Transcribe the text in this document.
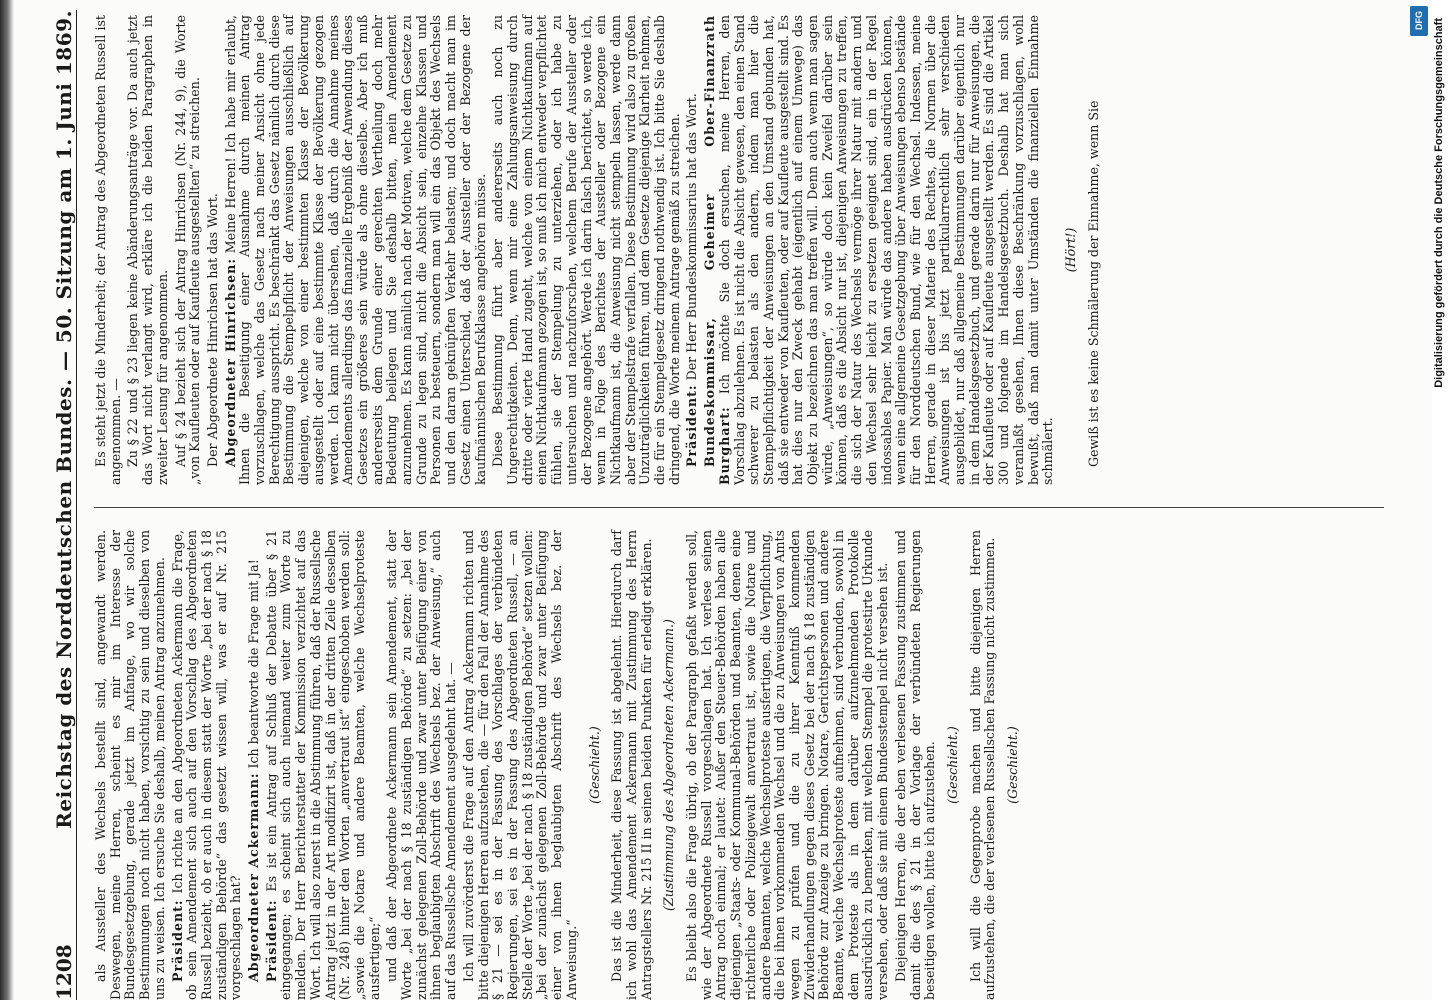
1208
Reichstag des Norddeutschen Bundes. — 50. Sitzung am 1. Juni 1869. als Aussteller des Wechsels bestellt sind, angewandt werden. Deswegen, meine Herren, scheint es mir im Interesse der Bundesgesetzgebung, gerade jetzt im Anfange, wo wir solche Bestimmungen noch nicht haben, vorsichtig zu sein und dieselben von uns zu weisen. Ich ersuche Sie deshalb, meinen Antrag anzunehmen. Präsident: Ich richte an den Abgeordneten Ackermann die Frage, ob sein Amendement sich auch auf den Vorschlag des Abgeordneten Russell bezieht, ob er auch in diesem statt der Worte „bei der nach § 18 zuständigen Behörde“ das gesetzt wissen will, was er auf Nr. 215 vorgeschlagen hat? Abgeordneter Ackermann: Ich beantworte die Frage mit Ja!

Präsident: Es ist ein Antrag auf Schluß der Debatte über § 21 eingegangen; es scheint sich auch niemand weiter zum Worte zu melden. Der Herr Berichterstatter der Kommission verzichtet auf das Wort. Ich will also zuerst in die Abstimmung führen, daß der Russellsche Antrag jetzt in der Art modifizirt ist, daß in der dritten Zeile desselben (Nr. 248) hinter den Worten „anvertraut ist“ eingeschoben werden soll: „sowie die Notare und andere Beamten, welche Wechselproteste ausfertigen;“ und daß der Abgeordnete Ackermann sein Amendement, statt der Worte „bei der nach § 18 zuständigen Behörde“ zu setzen: „bei der zunächst gelegenen Zoll-Behörde und zwar unter Beifügung einer von ihnen beglaubigten Abschrift des Wechsels bez. der Anweisung,“ auch auf das Russellsche Amendement ausgedehnt hat. — Ich will zuvörderst die Frage auf den Antrag Ackermann richten und bitte diejenigen Herren aufzustehen, die — für den Fall der Annahme des § 21 — sei es in der Fassung des Vorschlages der verbündeten Regierungen, sei es in der Fassung des Abgeordneten Russell, — an Stelle der Worte „bei der nach § 18 zuständigen Behörde“ setzen wollen: „bei der zunächst gelegenen Zoll-Behörde und zwar unter Beifügung einer von ihnen beglaubigten Abschrift des Wechsels bez. der Anweisung.“

(Geschieht.) Das ist die Minderheit, diese Fassung ist abgelehnt. Hierdurch darf ich wohl das Amendement Ackermann mit Zustimmung des Herrn Antragstellers Nr. 215 II in seinen beiden Punkten für erledigt erklären. (Zustimmung des Abgeordneten Ackermann.) Es bleibt also die Frage übrig, ob der Paragraph gefaßt werden soll, wie der Abgeordnete Russell vorgeschlagen hat. Ich verlese seinen Antrag noch einmal; er lautet: Außer den Steuer-Behörden haben alle diejenigen „Staats- oder Kommunal-Behörden und Beamten, denen eine richterliche oder Polizeigewalt anvertraut ist, sowie die Notare und andere Beamten, welche Wechselproteste ausfertigen, die Verpflichtung, die bei ihnen vorkommenden Wechsel und die zu Anweisungen von Amts wegen zu prüfen und die zu ihrer Kenntniß kommenden Zuwiderhandlungen gegen dieses Gesetz bei der nach § 18 zuständigen Behörde zur Anzeige zu bringen. Notare, Gerichtspersonen und andere Beamte, welche Wechselproteste aufnehmen, sind verbunden, sowohl in dem Proteste als in dem darüber aufzunehmenden Protokolle ausdrücklich zu bemerken, mit welchen Stempel die protestirte Urkunde versehen, oder daß sie mit einem Bundesstempel nicht versehen ist. Diejenigen Herren, die der eben verlesenen Fassung zustimmen und damit die des § 21 in der Vorlage der verbündeten Regierungen beseitigen wollen, bitte ich aufzustehen. (Geschieht.) Ich will die Gegenprobe machen und bitte diejenigen Herren aufzustehen, die der verlesenen Russellschen Fassung nicht zustimmen. (Geschieht.)

Es steht jetzt die Minderheit; der Antrag des Abgeordneten Russell ist angenommen. — Zu § 22 und § 23 liegen keine Abänderungsanträge vor. Da auch jetzt das Wort nicht verlangt wird, erkläre ich die beiden Paragraphen in zweiter Lesung für angenommen. Auf § 24 bezieht sich der Antrag Hinrichsen (Nr. 244, 9), die Worte „von Kaufleuten oder auf Kaufleute ausgestellten“ zu streichen. Der Abgeordnete Hinrichsen hat das Wort. Abgeordneter Hinrichsen: Meine Herren! Ich habe mir erlaubt, Ihnen die Beseitigung einer Ausnahme durch meinen Antrag vorzuschlagen, welche das Gesetz nach meiner Ansicht ohne jede Berechtigung ausspricht. Es beschränkt das Gesetz nämlich durch diese Bestimmung die Stempelpflicht der Anweisungen ausschließlich auf diejenigen, welche von einer bestimmten Klasse der Bevölkerung ausgestellt oder auf eine bestimmte Klasse der Bevölkerung gezogen werden. Ich kann nicht übersehen, daß durch die Annahme meines Amendements allerdings das finanzielle Ergebniß der Anwendung dieses Gesetzes ein größeres sein würde als ohne dieselbe. Aber ich muß andererseits dem Grunde einer gerechten Vertheilung doch mehr Bedeutung beilegen und Sie deshalb bitten, mein Amendement anzunehmen. Es kann nämlich nach der Motiven, welche dem Gesetze zu Grunde zu legen sind, nicht die Absicht sein, einzelne Klassen und Personen zu besteuern, sondern man will ein das Objekt des Wechsels und den daran geknüpften Verkehr belasten; und doch macht man im Gesetz einen Unterschied, daß der Aussteller oder der Bezogene der kaufmännischen Berufsklasse angehören müsse. Diese Bestimmung führt aber andererseits auch noch zu Ungerechtigkeiten. Denn, wenn mir eine Zahlungsanweisung durch dritte oder vierte Hand zugeht, welche von einem Nichtkaufmann auf einen Nichtkaufmann gezogen ist, so muß ich mich entweder verpflichtet fühlen, sie der Stempelung zu unterziehen, oder ich habe zu untersuchen und nachzuforschen, welchem Berufe der Aussteller oder der Bezogene angehört. Werde ich darin falsch berichtet, so werde ich, wenn in Folge des Berichtes der Aussteller oder Bezogene ein Nichtkaufmann ist, die Anweisung nicht stempeln lassen, werde dann aber der Stempelstrafe verfallen. Diese Bestimmung wird also zu großen Unzuträglichkeiten führen, und dem Gesetze diejenige Klarheit nehmen, die für ein Stempelgesetz dringend nothwendig ist. Ich bitte Sie deshalb dringend, die Worte meinem Antrage gemäß zu streichen. Präsident: Der Herr Bundeskommissarius hat das Wort. Bundeskommissar, Geheimer Ober-Finanzrath Burghart: Ich möchte Sie doch ersuchen, meine Herren, den Vorschlag abzulehnen. Es ist nicht die Absicht gewesen, den einen Stand schwerer zu belasten als den andern, indem man hier die Stempelpflichtigkeit der Anweisungen an den Umstand gebunden hat, daß sie entweder von Kaufleuten, oder auf Kaufleute ausgestellt sind. Es hat dies nur den Zweck gehabt (eigentlich auf einem Umwege) das Objekt zu bezeichnen das man treffen will. Denn auch wenn man sagen würde, „Anweisungen“, so würde doch kein Zweifel darüber sein können, daß es die Absicht nur ist, diejenigen Anweisungen zu treffen, die sich der Natur des Wechsels vermöge ihrer Natur mit andern und den Wechsel sehr leicht zu ersetzen geeignet sind, ein in der Regel indossables Papier. Man würde das andere haben ausdrücken können, wenn eine allgemeine Gesetzgebung über Anweisungen ebenso bestände für den Norddeutschen Bund, wie für den Wechsel. Indessen, meine Herren, gerade in dieser Materie des Rechtes, die Normen über die Anweisungen ist bis jetzt partikularrechtlich sehr verschieden ausgebildet, nur daß allgemeine Bestimmungen darüber eigentlich nur in dem Handelsgesetzbuch, und gerade darin nur für Anweisungen, die der Kaufleute oder auf Kaufleute ausgestellt werden. Es sind die Artikel 300 und folgende im Handelsgesetzbuch. Deshalb hat man sich veranlaßt gesehen, Ihnen diese Beschränkung vorzuschlagen, wohl bewußt, daß man damit unter Umständen die finanziellen Einnahme schmälert.

(Hört!) Gewiß ist es keine Schmälerung der Einnahme, wenn Sie	Digitalisierung gefördert durch die Deutsche Forschungsgemeinschaft
DFG
